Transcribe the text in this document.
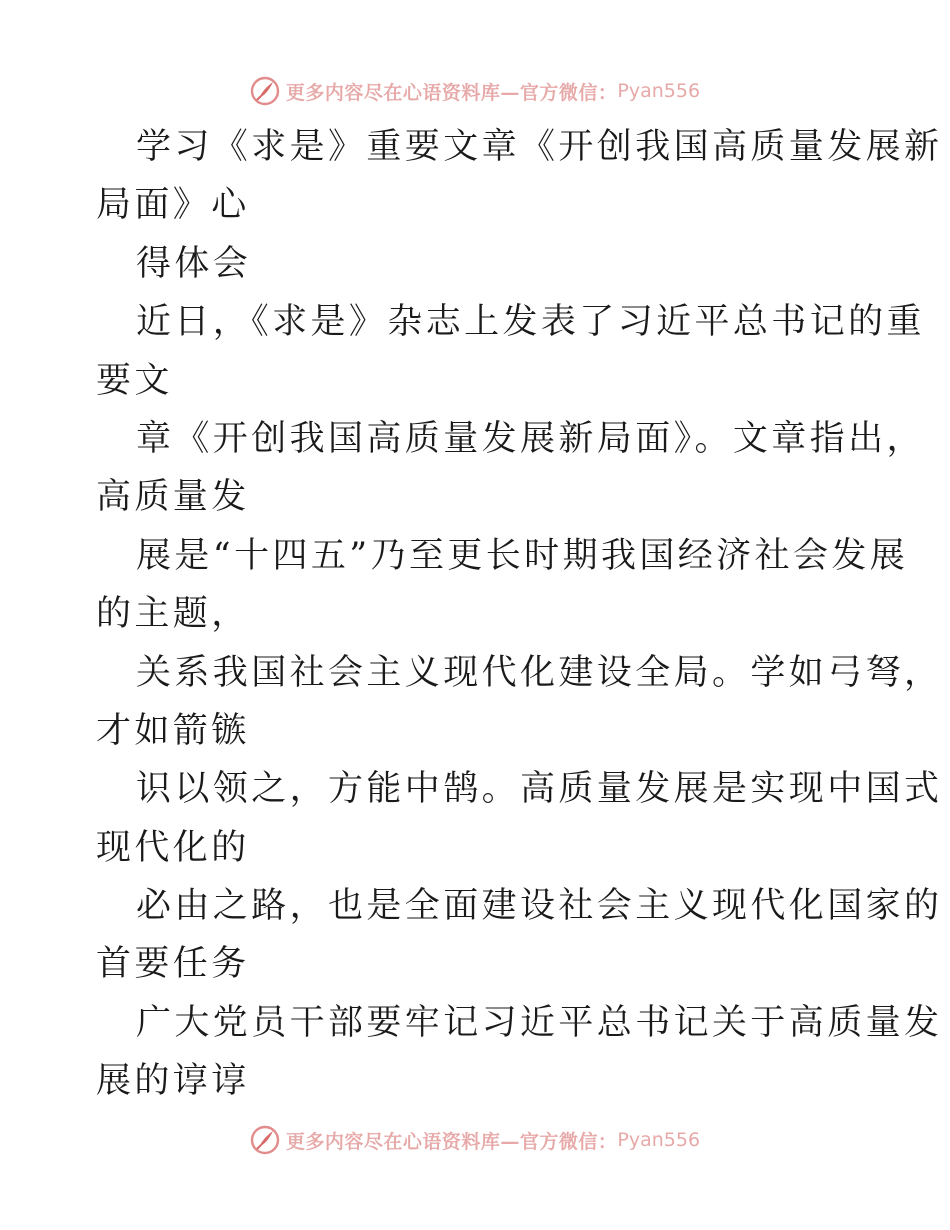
更多内容尽在心语资料库—官方微信： Pyan556

学习《求是》重要文章《开创我国高质量发展新
局面》心

得体会

近日，《求是》杂志上发表了习近平总书记的重
要文

章《开创我国高质量发展新局面》。文章指出，
高质量发

展是“十四五”乃至更长时期我国经济社会发展
的主题，

关系我国社会主义现代化建设全局。学如弓弩，
才如箭镞

识以领之，方能中鹄。高质量发展是实现中国式
现代化的

必由之路，也是全面建设社会主义现代化国家的
首要任务

广大党员干部要牢记习近平总书记关于高质量发
展的谆谆

更多内容尽在心语资料库—官方微信： Pyan556
